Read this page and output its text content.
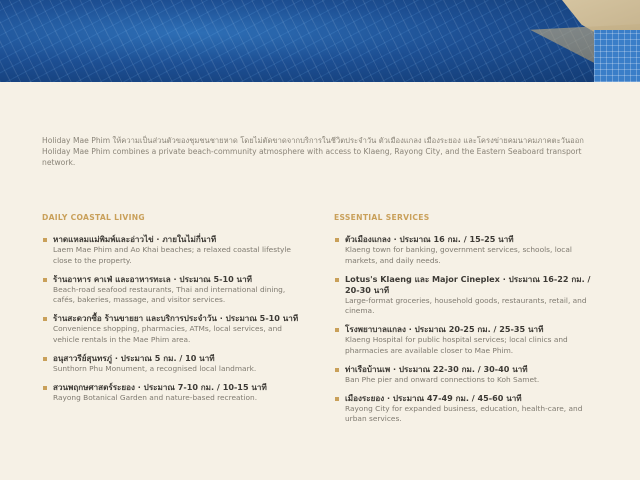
Holiday Mae Phim ให้ความเป็นส่วนตัวของชุมชนชายหาด โดยไม่ตัดขาดจากบริการในชีวิตประจำวัน ตัวเมืองแกลง เมืองระยอง และโครงข่ายคมนาคมภาคตะวันออก

Holiday Mae Phim combines a private beach-community atmosphere with access to Klaeng, Rayong City, and the Eastern Seaboard transport network.

DAILY COASTAL LIVING
หาดแหลมแม่พิมพ์และอ่าวไข่ · ภายในไม่กี่นาที
Laem Mae Phim and Ao Khai beaches; a relaxed coastal lifestyle close to the property.
ร้านอาหาร คาเฟ่ และอาหารทะเล · ประมาณ 5-10 นาที
Beach-road seafood restaurants, Thai and international dining, cafés, bakeries, massage, and visitor services.
ร้านสะดวกซื้อ ร้านขายยา และบริการประจำวัน · ประมาณ 5-10 นาที
Convenience shopping, pharmacies, ATMs, local services, and vehicle rentals in the Mae Phim area.
อนุสาวรีย์สุนทรภู่ · ประมาณ 5 กม. / 10 นาที
Sunthorn Phu Monument, a recognised local landmark.
สวนพฤกษศาสตร์ระยอง · ประมาณ 7-10 กม. / 10-15 นาที
Rayong Botanical Garden and nature-based recreation.
ESSENTIAL SERVICES
ตัวเมืองแกลง · ประมาณ 16 กม. / 15-25 นาที
Klaeng town for banking, government services, schools, local markets, and daily needs.
Lotus's Klaeng และ Major Cineplex · ประมาณ 16-22 กม. / 20-30 นาที
Large-format groceries, household goods, restaurants, retail, and cinema.
โรงพยาบาลแกลง · ประมาณ 20-25 กม. / 25-35 นาที
Klaeng Hospital for public hospital services; local clinics and pharmacies are available closer to Mae Phim.
ท่าเรือบ้านเพ · ประมาณ 22-30 กม. / 30-40 นาที
Ban Phe pier and onward connections to Koh Samet.
เมืองระยอง · ประมาณ 47-49 กม. / 45-60 นาที
Rayong City for expanded business, education, health-care, and urban services.
